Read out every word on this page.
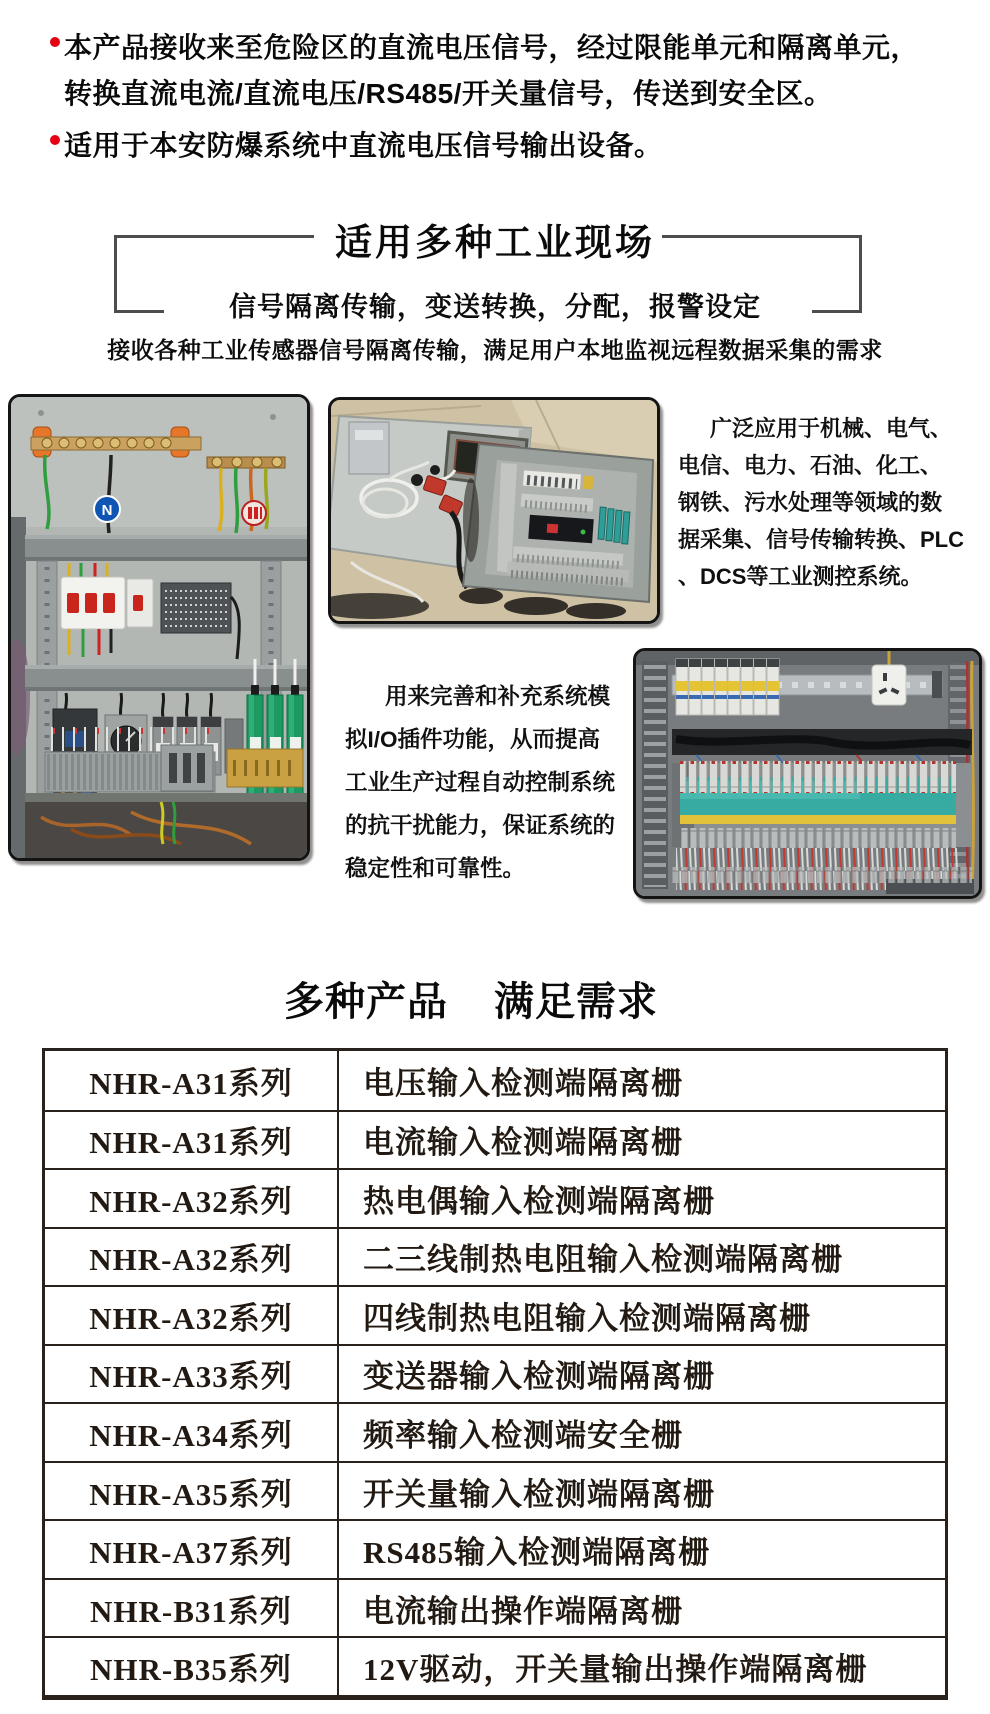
本产品接收来至危险区的直流电压信号，经过限能单元和隔离单元，
转换直流电流/直流电压/RS485/开关量信号，传送到安全区。
适用于本安防爆系统中直流电压信号输出设备。
适用多种工业现场
信号隔离传输，变送转换，分配，报警设定
接收各种工业传感器信号隔离传输，满足用户本地监视远程数据采集的需求
N
广泛应用于机械、电气、
电信、电力、石油、化工、
钢铁、污水处理等领域的数
据采集、信号传输转换、PLC
、DCS等工业测控系统。
用来完善和补充系统模
拟I/O插件功能，从而提高
工业生产过程自动控制系统
的抗干扰能力，保证系统的
稳定性和可靠性。
多种产品 满足需求
NHR-A31系列	电压输入检测端隔离栅
NHR-A31系列	电流输入检测端隔离栅
NHR-A32系列	热电偶输入检测端隔离栅
NHR-A32系列	二三线制热电阻输入检测端隔离栅
NHR-A32系列	四线制热电阻输入检测端隔离栅
NHR-A33系列	变送器输入检测端隔离栅
NHR-A34系列	频率输入检测端安全栅
NHR-A35系列	开关量输入检测端隔离栅
NHR-A37系列	RS485输入检测端隔离栅
NHR-B31系列	电流输出操作端隔离栅
NHR-B35系列	12V驱动，开关量输出操作端隔离栅
